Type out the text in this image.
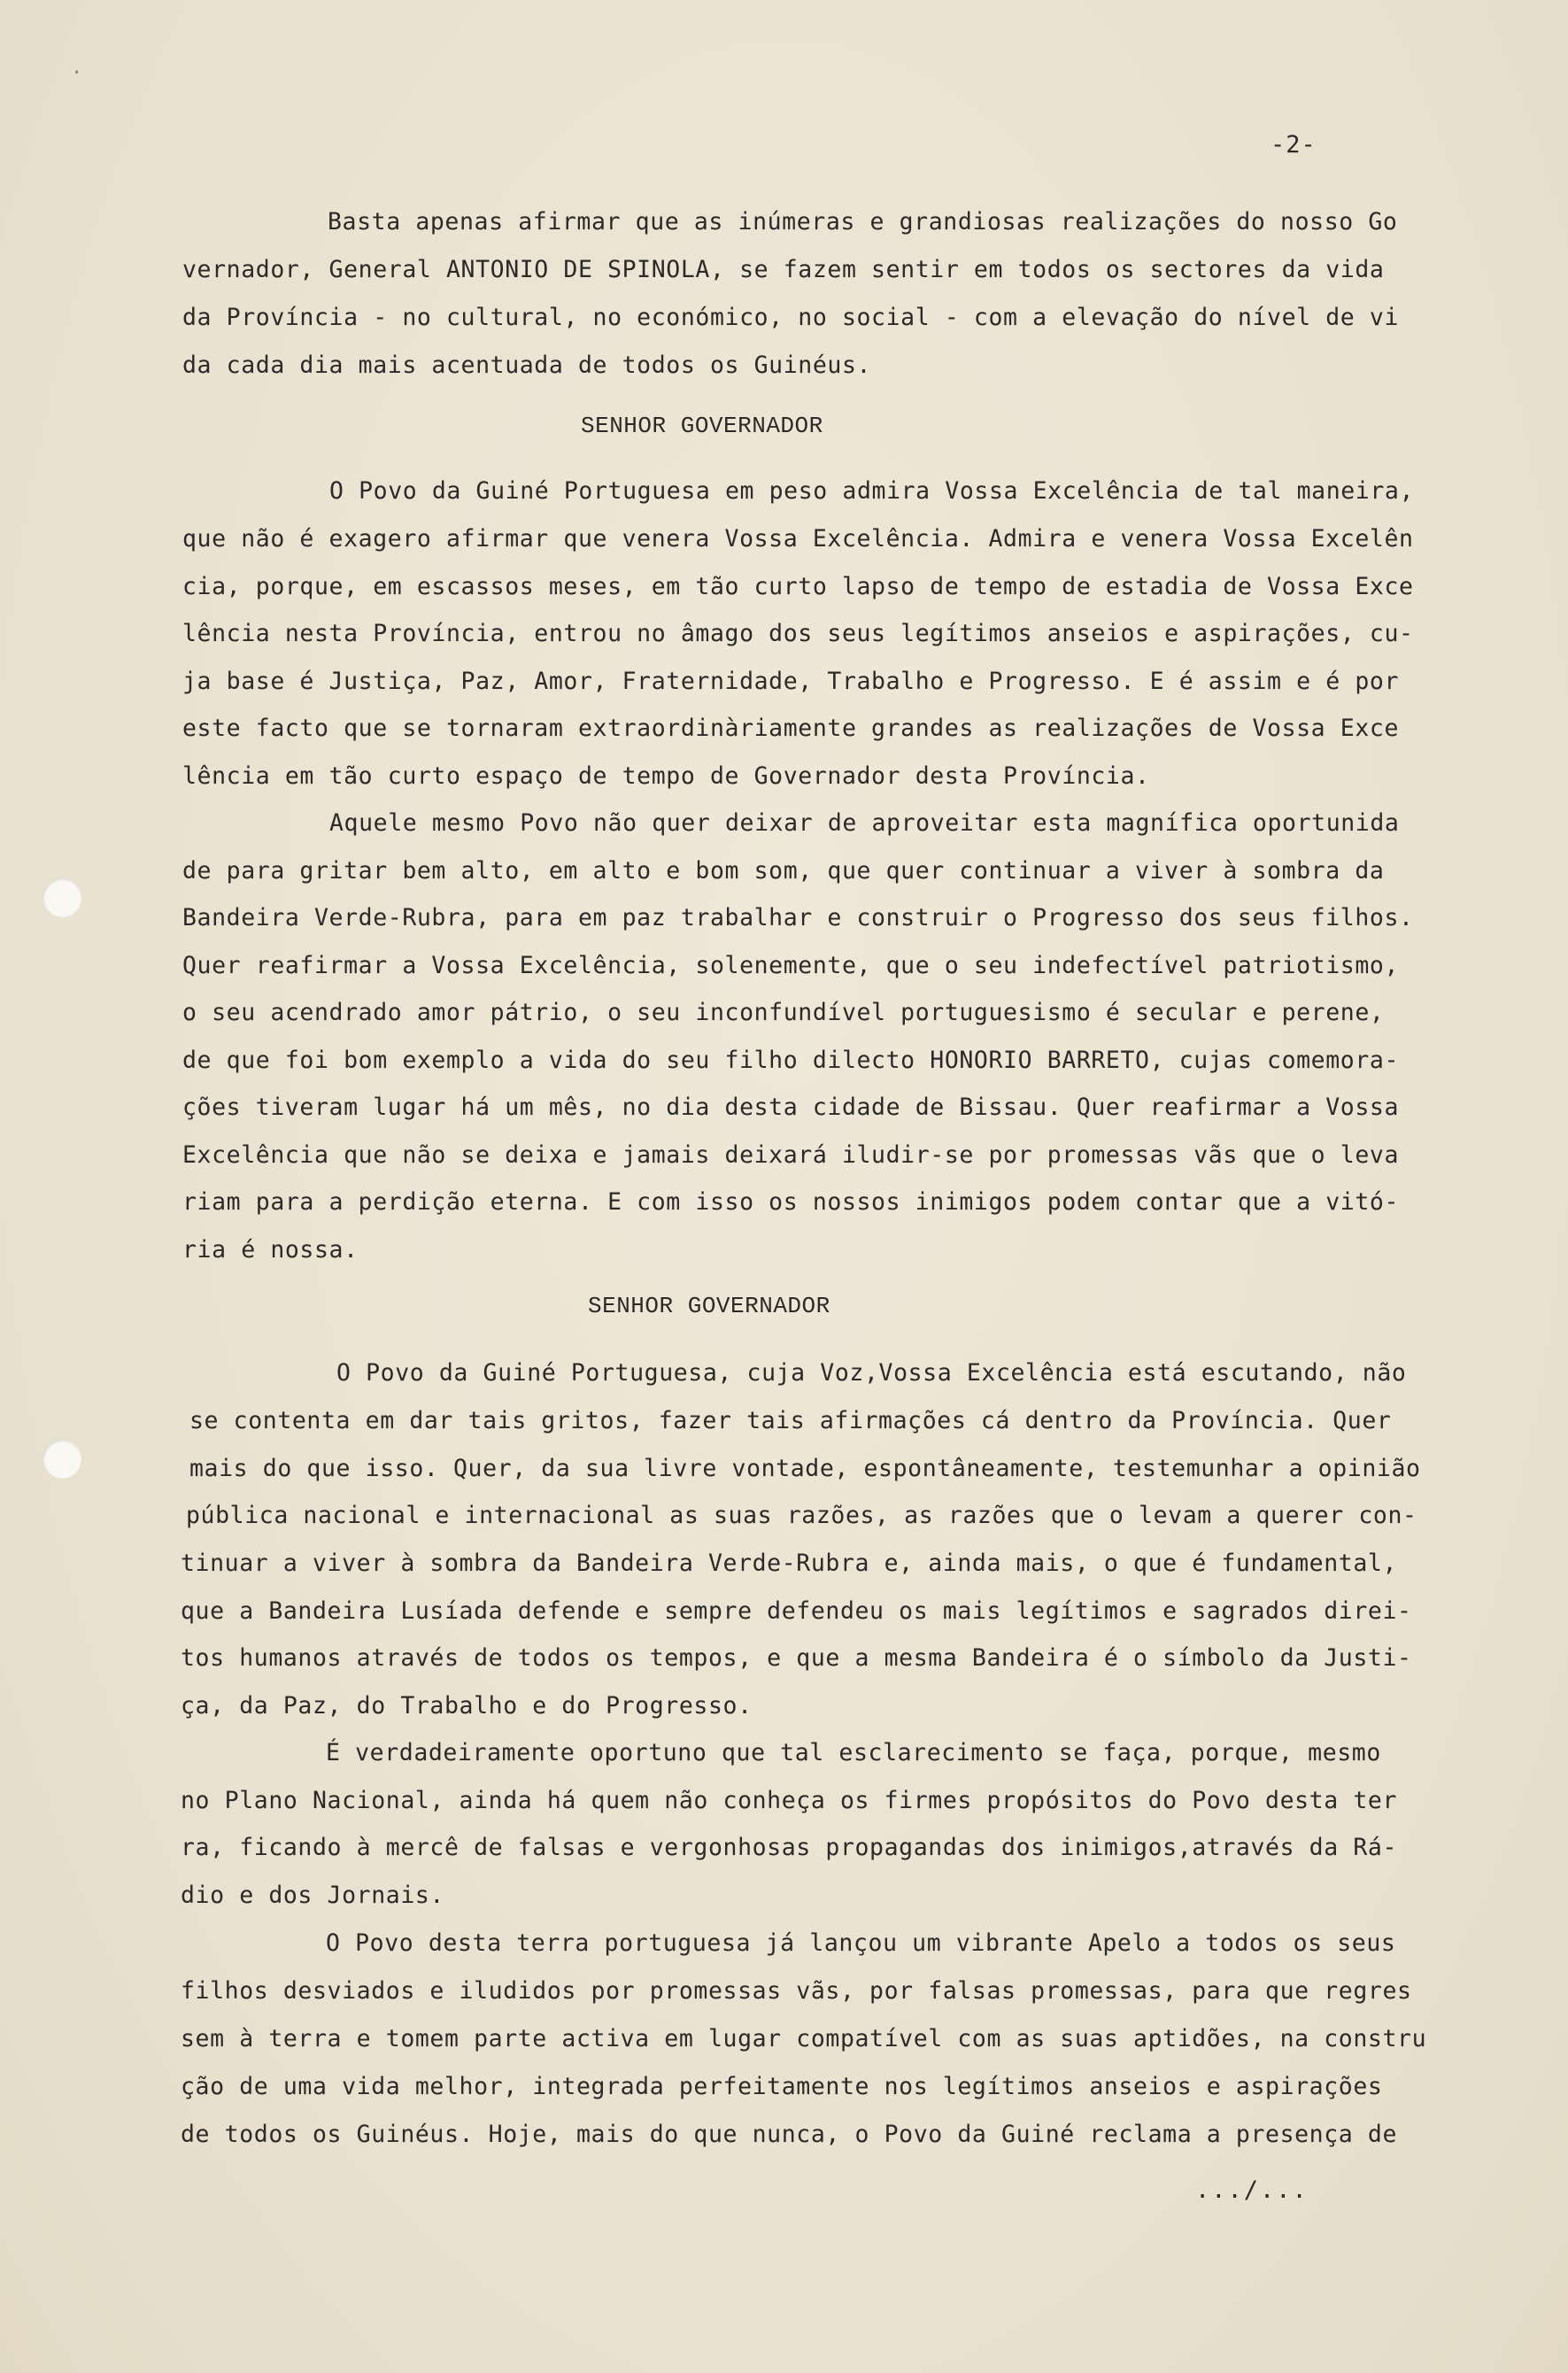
·
-2-
Basta apenas afirmar que as inúmeras e grandiosas realizações do nosso Go
vernador, General ANTONIO DE SPINOLA, se fazem sentir em todos os sectores da vida
da Província - no cultural, no económico, no social - com a elevação do nível de vi
da cada dia mais acentuada de todos os Guinéus.
SENHOR GOVERNADOR
O Povo da Guiné Portuguesa em peso admira Vossa Excelência de tal maneira,
que não é exagero afirmar que venera Vossa Excelência. Admira e venera Vossa Excelên
cia, porque, em escassos meses, em tão curto lapso de tempo de estadia de Vossa Exce
lência nesta Província, entrou no âmago dos seus legítimos anseios e aspirações, cu-
ja base é Justiça, Paz, Amor, Fraternidade, Trabalho e Progresso. E é assim e é por
este facto que se tornaram extraordinàriamente grandes as realizações de Vossa Exce
lência em tão curto espaço de tempo de Governador desta Província.
Aquele mesmo Povo não quer deixar de aproveitar esta magnífica oportunida
de para gritar bem alto, em alto e bom som, que quer continuar a viver à sombra da
Bandeira Verde-Rubra, para em paz trabalhar e construir o Progresso dos seus filhos.
Quer reafirmar a Vossa Excelência, solenemente, que o seu indefectível patriotismo,
o seu acendrado amor pátrio, o seu inconfundível portuguesismo é secular e perene,
de que foi bom exemplo a vida do seu filho dilecto HONORIO BARRETO, cujas comemora-
ções tiveram lugar há um mês, no dia desta cidade de Bissau. Quer reafirmar a Vossa
Excelência que não se deixa e jamais deixará iludir-se por promessas vãs que o leva
riam para a perdição eterna. E com isso os nossos inimigos podem contar que a vitó-
ria é nossa.
SENHOR GOVERNADOR
O Povo da Guiné Portuguesa, cuja Voz,Vossa Excelência está escutando, não
se contenta em dar tais gritos, fazer tais afirmações cá dentro da Província. Quer
mais do que isso. Quer, da sua livre vontade, espontâneamente, testemunhar a opinião
pública nacional e internacional as suas razões, as razões que o levam a querer con-
tinuar a viver à sombra da Bandeira Verde-Rubra e, ainda mais, o que é fundamental,
que a Bandeira Lusíada defende e sempre defendeu os mais legítimos e sagrados direi-
tos humanos através de todos os tempos, e que a mesma Bandeira é o símbolo da Justi-
ça, da Paz, do Trabalho e do Progresso.
É verdadeiramente oportuno que tal esclarecimento se faça, porque, mesmo
no Plano Nacional, ainda há quem não conheça os firmes propósitos do Povo desta ter
ra, ficando à mercê de falsas e vergonhosas propagandas dos inimigos,através da Rá-
dio e dos Jornais.
O Povo desta terra portuguesa já lançou um vibrante Apelo a todos os seus
filhos desviados e iludidos por promessas vãs, por falsas promessas, para que regres
sem à terra e tomem parte activa em lugar compatível com as suas aptidões, na constru
ção de uma vida melhor, integrada perfeitamente nos legítimos anseios e aspirações
de todos os Guinéus. Hoje, mais do que nunca, o Povo da Guiné reclama a presença de
.../...
